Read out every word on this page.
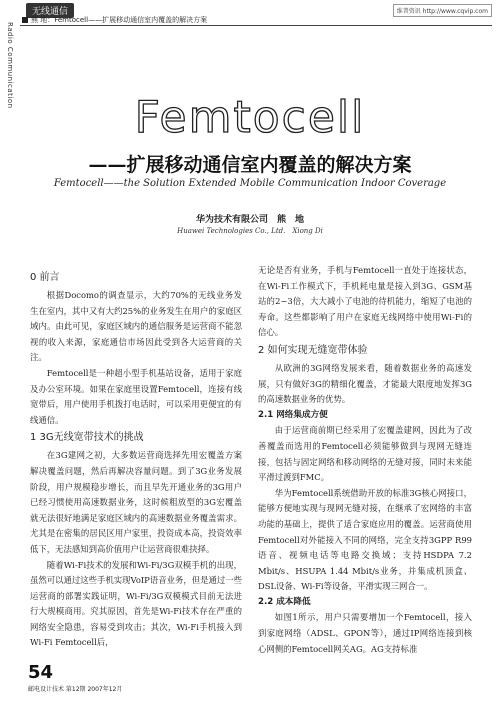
Radio Communication
无线通信	维普资讯 http://www.cqvip.com
熊 地：Femtocell——扩展移动通信室内覆盖的解决方案
Femtocell
——扩展移动通信室内覆盖的解决方案
Femtocell——the Solution Extended Mobile Communication Indoor Coverage
华为技术有限公司　熊　地
Huawei Technologies Co., Ltd.　Xiong Di
0 前言

根据Docomo的调查显示，大约70%的无线业务发生在室内，其中又有大约25%的业务发生在用户的家庭区域内。由此可见，家庭区域内的通信服务是运营商不能忽视的收入来源，家庭通信市场因此受到各大运营商的关注。

Femtocell是一种超小型手机基站设备，适用于家庭及办公室环境。如果在家庭里设置Femtocell，连接有线宽带后，用户使用手机拨打电话时，可以采用更便宜的有线通信。

1 3G无线宽带技术的挑战

在3G建网之初，大多数运营商选择先用宏覆盖方案解决覆盖问题，然后再解决容量问题。到了3G业务发展阶段，用户规模稳步增长，而且早先开通业务的3G用户已经习惯使用高速数据业务，这时候粗放型的3G宏覆盖就无法很好地满足家庭区域内的高速数据业务覆盖需求。尤其是在密集的居民区用户家里，投资成本高，投资效率低下，无法感知到高价值用户让运营商很难抉择。

随着Wi-Fi技术的发展和Wi-Fi/3G双模手机的出现，虽然可以通过这些手机实现VoIP语音业务，但是通过一些运营商的部署实践证明，Wi-Fi/3G双模模式目前无法进行大规模商用。究其原因，首先是Wi-Fi技术存在严重的网络安全隐患，容易受到攻击；其次，Wi-Fi手机接入到Wi-Fi Femtocell后，

无论是否有业务，手机与Femtocell一直处于连接状态，在Wi-Fi工作模式下，手机耗电量是接入到3G、GSM基站的2~3倍，大大减小了电池的待机能力，缩短了电池的寿命。这些都影响了用户在家庭无线网络中使用Wi-Fi的信心。

2 如何实现无缝宽带体验

从欧洲的3G网络发展来看，随着数据业务的高速发展，只有做好3G的精细化覆盖，才能最大限度地发挥3G的高速数据业务的优势。

2.1 网络集成方便

由于运营商前期已经采用了宏覆盖建网，因此为了改善覆盖而选用的Femtocell必须能够做到与现网无缝连接，包括与固定网络和移动网络的无缝对接，同时未来能平滑过渡到FMC。

华为Femtocell系统借助开放的标准3G核心网接口，能够方便地实现与现网无缝对接，在继承了宏网络的丰富功能的基础上，提供了适合家庭应用的覆盖。运营商使用Femtocell对外能接入不同的网络，完全支持3GPP R99语音、视频电话等电路交换域；支持HSDPA 7.2 Mbit/s、HSUPA 1.44 Mbit/s业务，并集成机顶盒、DSL设备、Wi-Fi等设备，平滑实现三网合一。

2.2 成本降低

如图1所示，用户只需要增加一个Femtocell，接入到家庭网络（ADSL、GPON等），通过IP网络连接到核心网侧的Femtocell网关AG。AG支持标准

54
邮电设计技术 第12期 2007年12月
